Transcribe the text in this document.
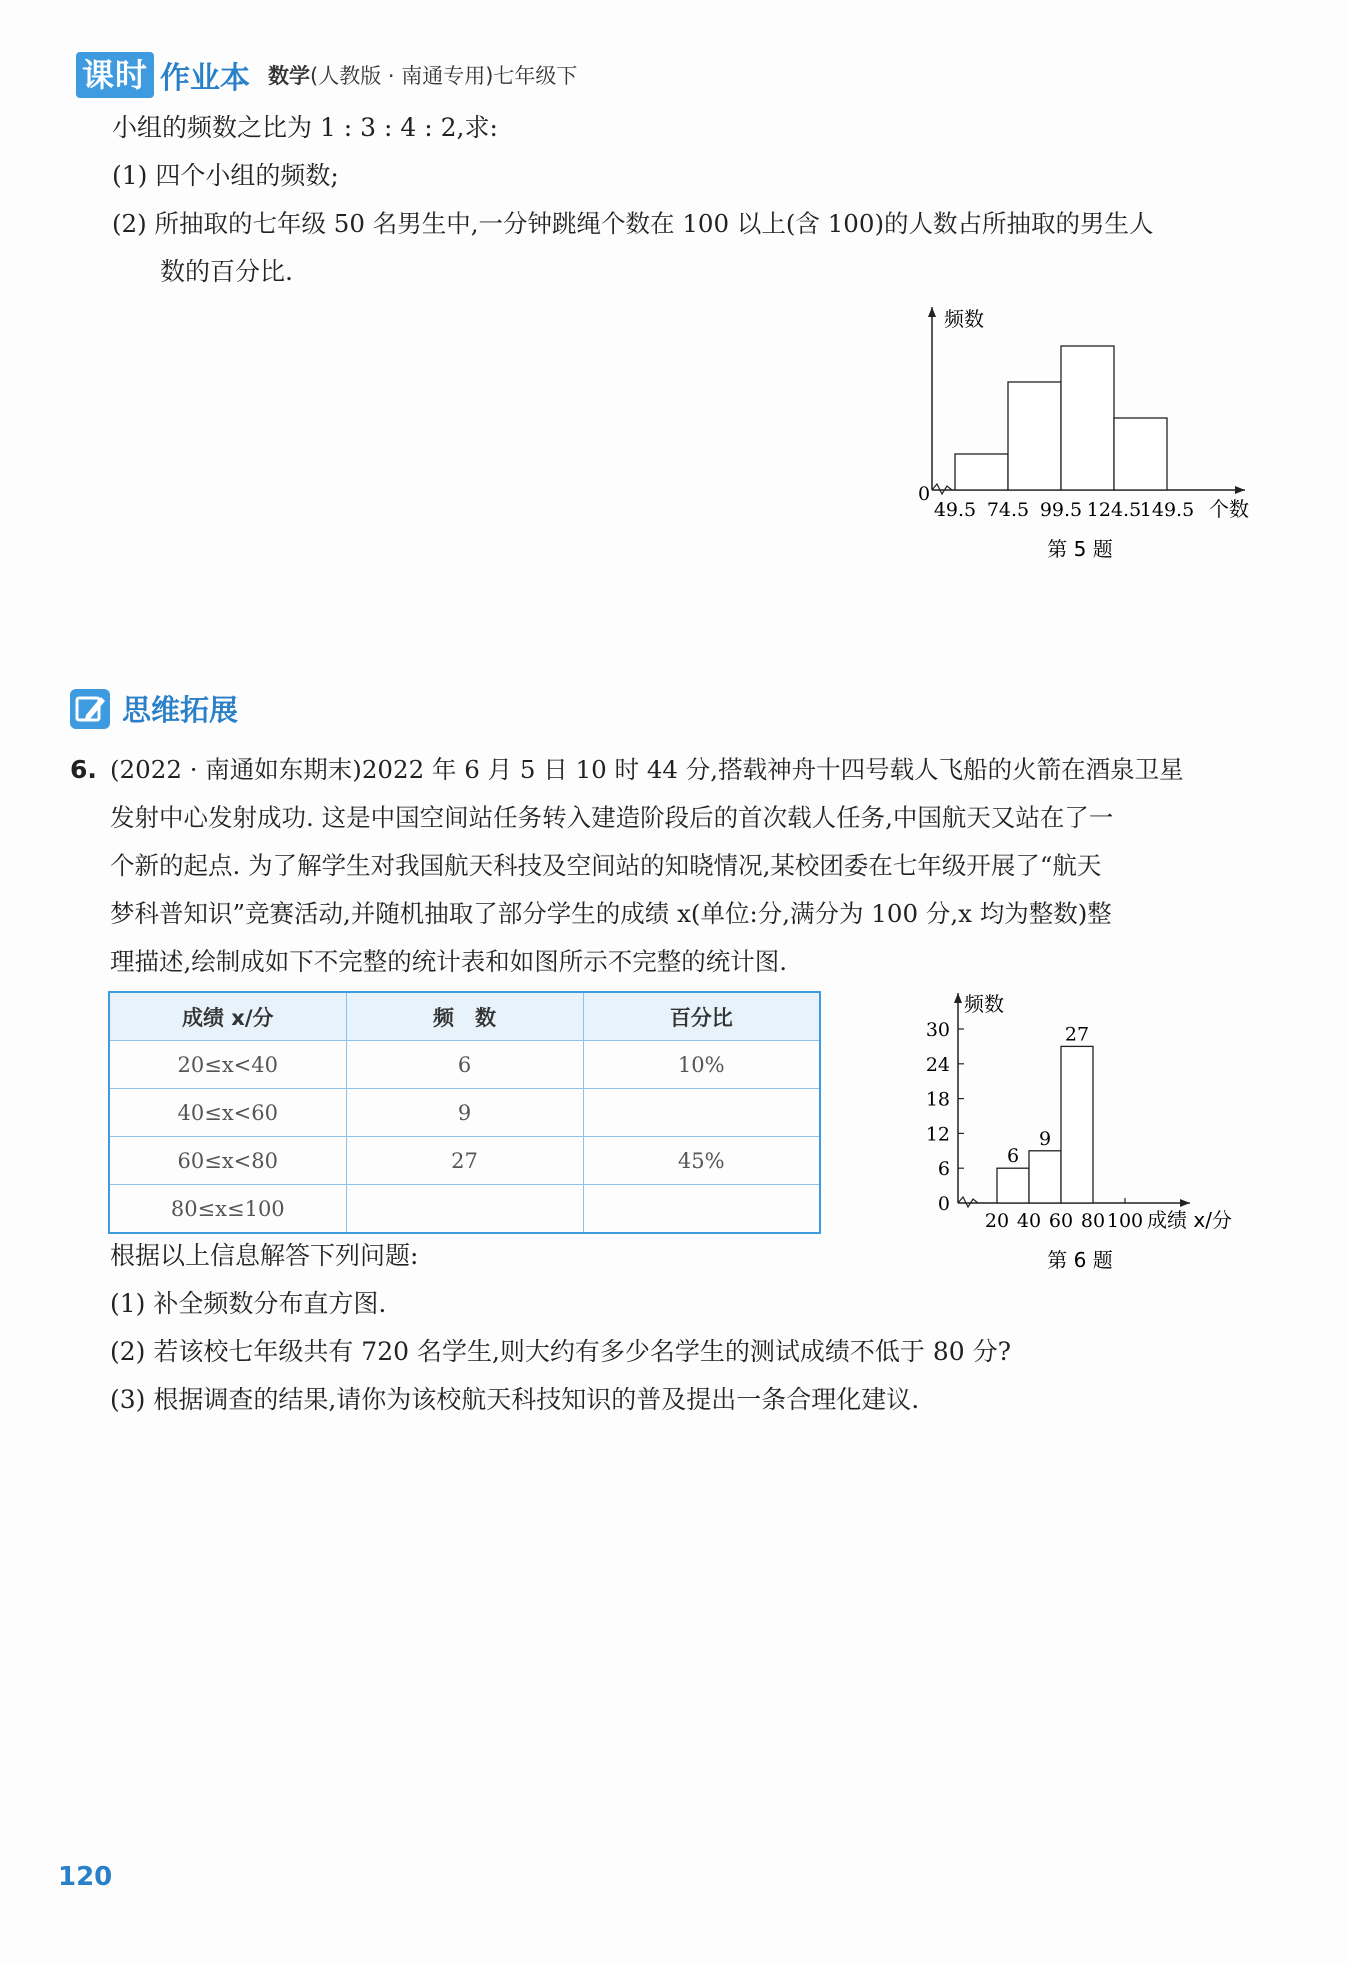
课时 作业本 数学 (人教版 · 南通专用)七年级下
小组的频数之比为 1 : 3 : 4 : 2,求:
(1) 四个小组的频数;
(2) 所抽取的七年级 50 名男生中,一分钟跳绳个数在 100 以上(含 100)的人数占所抽取的男生人
数的百分比.
0
频数
49.5 74.5 99.5 124.5
149.5 个数
第 5 题
思维拓展
6. (2022 · 南通如东期末)2022 年 6 月 5 日 10 时 44 分,搭载神舟十四号载人飞船的火箭在酒泉卫星
发射中心发射成功. 这是中国空间站任务转入建造阶段后的首次载人任务,中国航天又站在了一
个新的起点. 为了解学生对我国航天科技及空间站的知晓情况,某校团委在七年级开展了“航天
梦科普知识”竞赛活动,并随机抽取了部分学生的成绩 x(单位:分,满分为 100 分,x 均为整数)整
理描述,绘制成如下不完整的统计表和如图所示不完整的统计图.
成绩 x/分	频　数	百分比
20≤x<40	6	10%
40≤x<60	9	
60≤x<80	27	45%
80≤x≤100		
频数
0
6
12
18
24
30
6
9
27
20 40 60 80 100 成绩 x/分
第 6 题
根据以上信息解答下列问题:
(1) 补全频数分布直方图.
(2) 若该校七年级共有 720 名学生,则大约有多少名学生的测试成绩不低于 80 分?
(3) 根据调查的结果,请你为该校航天科技知识的普及提出一条合理化建议.
120
